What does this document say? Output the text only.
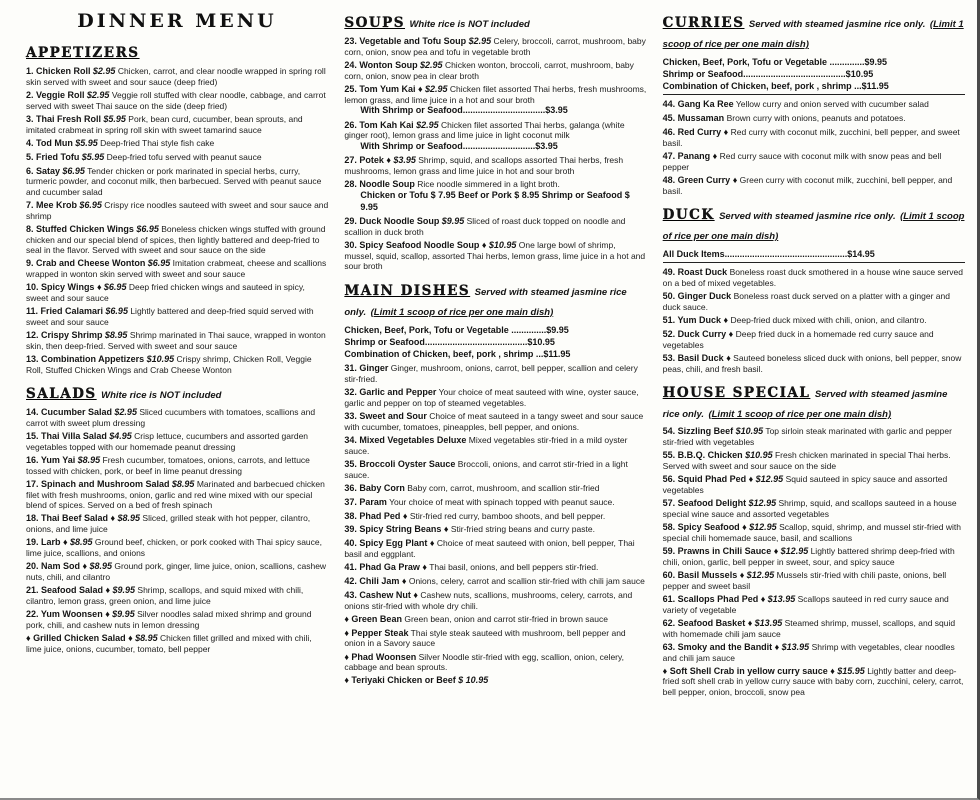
DINNER MENU
APPETIZERS
1. Chicken Roll $2.95 Chicken, carrot, and clear noodle wrapped in spring roll skin served with sweet and sour sauce (deep fried)
2. Veggie Roll $2.95 Veggie roll stuffed with clear noodle, cabbage, and carrot served with sweet Thai sauce on the side (deep fried)
3. Thai Fresh Roll $5.95 Pork, bean curd, cucumber, bean sprouts, and imitated crabmeat in spring roll skin with sweet tamarind sauce
4. Tod Mun $5.95 Deep-fried Thai style fish cake
5. Fried Tofu $5.95 Deep-fried tofu served with peanut sauce
6. Satay $6.95 Tender chicken or pork marinated in special herbs, curry, turmeric powder, and coconut milk, then barbecued. Served with peanut sauce and cucumber salad
7. Mee Krob $6.95 Crispy rice noodles sauteed with sweet and sour sauce and shrimp
8. Stuffed Chicken Wings $6.95 Boneless chicken wings stuffed with ground chicken and our special blend of spices, then lightly battered and deep-fried to seal in the flavor. Served with sweet and sour sauce on the side
9. Crab and Cheese Wonton $6.95 Imitation crabmeat, cheese and scallions wrapped in wonton skin served with sweet and sour sauce
10. Spicy Wings ♦ $6.95 Deep fried chicken wings and sauteed in spicy, sweet and sour sauce
11. Fried Calamari $6.95 Lightly battered and deep-fried squid served with sweet and sour sauce
12. Crispy Shrimp $8.95 Shrimp marinated in Thai sauce, wrapped in wonton skin, then deep-fried. Served with sweet and sour sauce
13. Combination Appetizers $10.95 Crispy shrimp, Chicken Roll, Veggie Roll, Stuffed Chicken Wings and Crab Cheese Wonton
SALADS White rice is NOT included
14. Cucumber Salad $2.95 Sliced cucumbers with tomatoes, scallions and carrot with sweet plum dressing
15. Thai Villa Salad $4.95 Crisp lettuce, cucumbers and assorted garden vegetables topped with our homemade peanut dressing
16. Yum Yai $8.95 Fresh cucumber, tomatoes, onions, carrots, and lettuce tossed with chicken, pork, or beef in lime peanut dressing
17. Spinach and Mushroom Salad $8.95 Marinated and barbecued chicken filet with fresh mushrooms, onion, garlic and red wine mixed with our special blend of spices. Served on a bed of fresh spinach
18. Thai Beef Salad ♦ $8.95 Sliced, grilled steak with hot pepper, cilantro, onions, and lime juice
19. Larb ♦ $8.95 Ground beef, chicken, or pork cooked with Thai spicy sauce, lime juice, scallions, and onions
20. Nam Sod ♦ $8.95 Ground pork, ginger, lime juice, onion, scallions, cashew nuts, chili, and cilantro
21. Seafood Salad ♦ $9.95 Shrimp, scallops, and squid mixed with chili, cilantro, lemon grass, green onion, and lime juice
22. Yum Woonsen ♦ $9.95 Silver noodles salad mixed shrimp and ground pork, chili, and cashew nuts in lemon dressing
♦ Grilled Chicken Salad ♦ $8.95 Chicken fillet grilled and mixed with chili, lime juice, onions, cucumber, tomato, bell pepper
SOUPS White rice is NOT included
23. Vegetable and Tofu Soup $2.95 Celery, broccoli, carrot, mushroom, baby corn, onion, snow pea and tofu in vegetable broth
24. Wonton Soup $2.95 Chicken wonton, broccoli, carrot, mushroom, baby corn, onion, snow pea in clear broth
25. Tom Yum Kai ♦ $2.95 Chicken filet assorted Thai herbs, fresh mushrooms, lemon grass, and lime juice in a hot and sour broth
With Shrimp or Seafood.................................$3.95
26. Tom Kah Kai $2.95 Chicken filet assorted Thai herbs, galanga (white ginger root), lemon grass and lime juice in light coconut milk
With Shrimp or Seafood.............................$3.95
27. Potek ♦ $3.95 Shrimp, squid, and scallops assorted Thai herbs, fresh mushrooms, lemon grass and lime juice in hot and sour broth
28. Noodle Soup Rice noodle simmered in a light broth.
Chicken or Tofu $ 7.95 Beef or Pork $ 8.95 Shrimp or Seafood $ 9.95
29. Duck Noodle Soup $9.95 Sliced of roast duck topped on noodle and scallion in duck broth
30. Spicy Seafood Noodle Soup ♦ $10.95 One large bowl of shrimp, mussel, squid, scallop, assorted Thai herbs, lemon grass, lime juice in a hot and sour broth
MAIN DISHES Served with steamed jasmine rice only. (Limit 1 scoop of rice per one main dish)
Chicken, Beef, Pork, Tofu or Vegetable ..............$9.95
Shrimp or Seafood.........................................$10.95
Combination of Chicken, beef, pork , shrimp ...$11.95
31. Ginger Ginger, mushroom, onions, carrot, bell pepper, scallion and celery stir-fried.
32. Garlic and Pepper Your choice of meat sauteed with wine, oyster sauce, garlic and pepper on top of steamed vegetables.
33. Sweet and Sour Choice of meat sauteed in a tangy sweet and sour sauce with cucumber, tomatoes, pineapples, bell pepper, and onions.
34. Mixed Vegetables Deluxe Mixed vegetables stir-fried in a mild oyster sauce.
35. Broccoli Oyster Sauce Broccoli, onions, and carrot stir-fried in a light sauce.
36. Baby Corn Baby corn, carrot, mushroom, and scallion stir-fried
37. Param Your choice of meat with spinach topped with peanut sauce.
38. Phad Ped ♦ Stir-fried red curry, bamboo shoots, and bell pepper.
39. Spicy String Beans ♦ Stir-fried string beans and curry paste.
40. Spicy Egg Plant ♦ Choice of meat sauteed with onion, bell pepper, Thai basil and eggplant.
41. Phad Ga Praw ♦ Thai basil, onions, and bell peppers stir-fried.
42. Chili Jam ♦ Onions, celery, carrot and scallion stir-fried with chili jam sauce
43. Cashew Nut ♦ Cashew nuts, scallions, mushrooms, celery, carrots, and onions stir-fried with whole dry chili.
♦ Green Bean Green bean, onion and carrot stir-fried in brown sauce
♦ Pepper Steak Thai style steak sauteed with mushroom, bell pepper and onion in a Savory sauce
♦ Phad Woonsen Silver Noodle stir-fried with egg, scallion, onion, celery, cabbage and bean sprouts.
♦ Teriyaki Chicken or Beef $ 10.95
CURRIES Served with steamed jasmine rice only. (Limit 1 scoop of rice per one main dish)
Chicken, Beef, Pork, Tofu or Vegetable ..............$9.95
Shrimp or Seafood.........................................$10.95
Combination of Chicken, beef, pork , shrimp ...$11.95
44. Gang Ka Ree Yellow curry and onion served with cucumber salad
45. Mussaman Brown curry with onions, peanuts and potatoes.
46. Red Curry ♦ Red curry with coconut milk, zucchini, bell pepper, and sweet basil.
47. Panang ♦ Red curry sauce with coconut milk with snow peas and bell pepper
48. Green Curry ♦ Green curry with coconut milk, zucchini, bell pepper, and basil.
DUCK Served with steamed jasmine rice only. (Limit 1 scoop of rice per one main dish)
All Duck Items.................................................$14.95
49. Roast Duck Boneless roast duck smothered in a house wine sauce served on a bed of mixed vegetables.
50. Ginger Duck Boneless roast duck served on a platter with a ginger and duck sauce.
51. Yum Duck ♦ Deep-fried duck mixed with chili, onion, and cilantro.
52. Duck Curry ♦ Deep fried duck in a homemade red curry sauce and vegetables
53. Basil Duck ♦ Sauteed boneless sliced duck with onions, bell pepper, snow peas, chili, and fresh basil.
HOUSE SPECIAL Served with steamed jasmine rice only. (Limit 1 scoop of rice per one main dish)
54. Sizzling Beef $10.95 Top sirloin steak marinated with garlic and pepper stir-fried with vegetables
55. B.B.Q. Chicken $10.95 Fresh chicken marinated in special Thai herbs. Served with sweet and sour sauce on the side
56. Squid Phad Ped ♦ $12.95 Squid sauteed in spicy sauce and assorted vegetables
57. Seafood Delight $12.95 Shrimp, squid, and scallops sauteed in a house special wine sauce and assorted vegetables
58. Spicy Seafood ♦ $12.95 Scallop, squid, shrimp, and mussel stir-fried with special chili homemade sauce, basil, and scallions
59. Prawns in Chili Sauce ♦ $12.95 Lightly battered shrimp deep-fried with chili, onion, garlic, bell pepper in sweet, sour, and spicy sauce
60. Basil Mussels ♦ $12.95 Mussels stir-fried with chili paste, onions, bell pepper and sweet basil
61. Scallops Phad Ped ♦ $13.95 Scallops sauteed in red curry sauce and variety of vegetable
62. Seafood Basket ♦ $13.95 Steamed shrimp, mussel, scallops, and squid with homemade chili jam sauce
63. Smoky and the Bandit ♦ $13.95 Shrimp with vegetables, clear noodles and chili jam sauce
♦ Soft Shell Crab in yellow curry sauce ♦ $15.95 Lightly batter and deep-fried soft shell crab in yellow curry sauce with baby corn, zucchini, celery, carrot, bell pepper, onion, broccoli, snow pea
